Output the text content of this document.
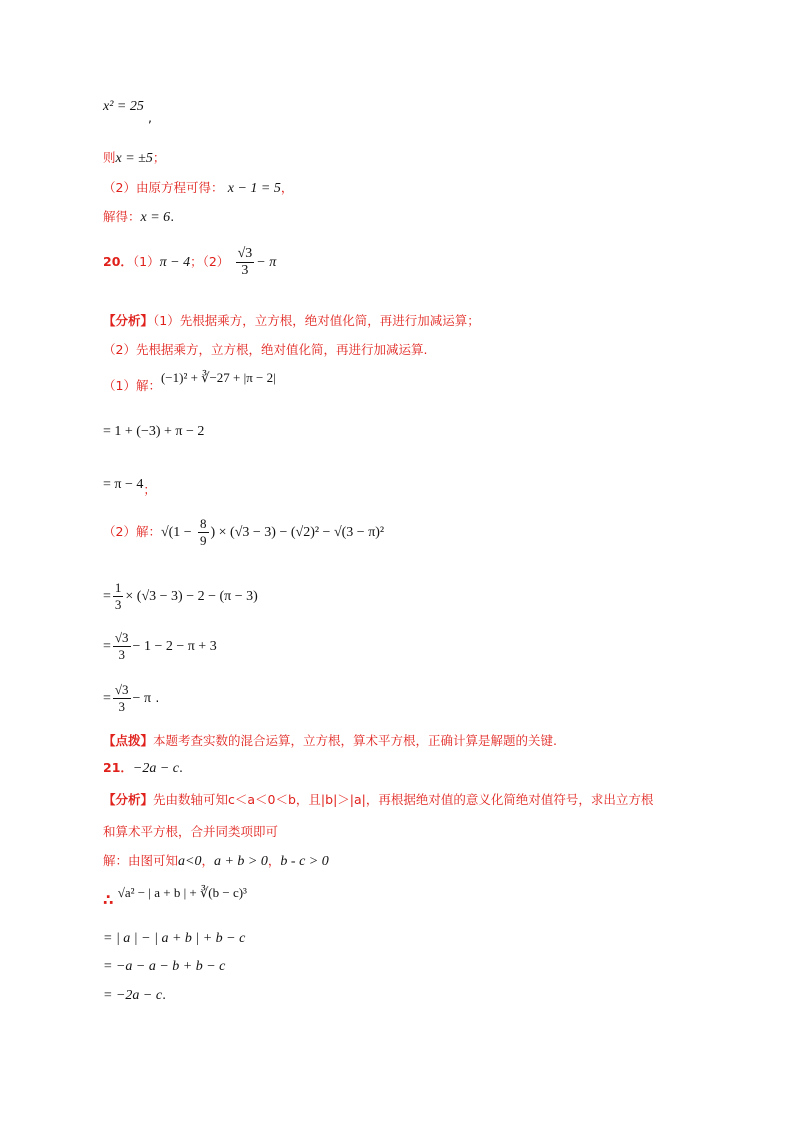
x² = 25
,
则x = ±5；
（2）由原方程可得： x − 1 = 5，
解得：x = 6.
20．（1）π − 4；$(2) \frac{√3}{3} - \pi$
【分析】（1）先根据乘方，立方根，绝对值化简，再进行加减运算；
（2）先根据乘方，立方根，绝对值化简，再进行加减运算.
（1）解：(−1)² + ∛−27 + |π − 2|
= 1 + (−3) + π − 2
= π − 4；
（2）解：$√(1 - \frac{8}{9}$ ) × (√3 − 3) − (√2)² − √(3 − π)²
= $\frac{1}{3} \times (√3 - 3) - 2 - (\pi - 3)$
= $\frac{√3}{3} - 1 - 2 - \pi + 3$
= $\frac{√3}{3} - \pi$ .
【点拨】本题考查实数的混合运算，立方根，算术平方根，正确计算是解题的关键.
21．−2a − c.
【分析】先由数轴可知c＜a＜0＜b，且|b|＞|a|，再根据绝对值的意义化简绝对值符号，求出立方根
和算术平方根，合并同类项即可
解：由图可知a<0，a + b > 0，b - c > 0
∴ √a² − | a + b | + ∛(b − c)³
= | a | − | a + b | + b − c
= −a − a − b + b − c
= −2a − c.
